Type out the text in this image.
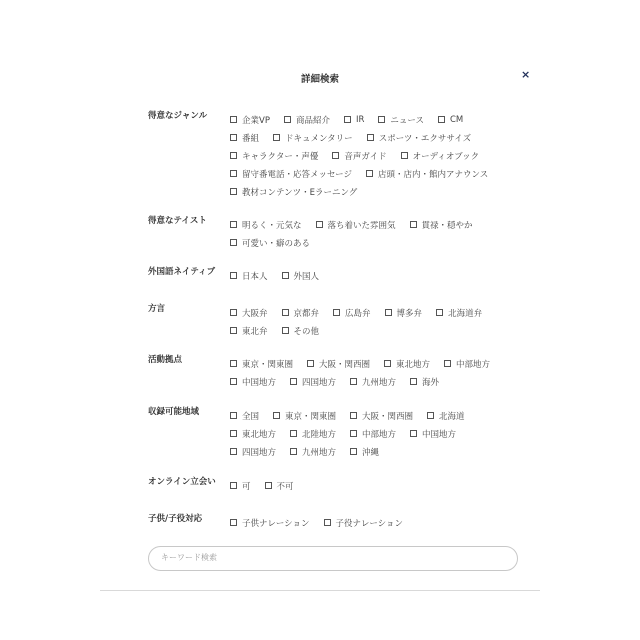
詳細検索	×
得意なジャンル	企業VP	商品紹介	IR	ニュース	CM
番組	ドキュメンタリー	スポーツ・エクササイズ
キャラクター・声優	音声ガイド	オーディオブック
留守番電話・応答メッセージ	店頭・店内・館内アナウンス
教材コンテンツ・Eラーニング
得意なテイスト	明るく・元気な	落ち着いた雰囲気	貫禄・穏やか
可愛い・癖のある
外国語ネイティブ	日本人	外国人
方言	大阪弁	京都弁	広島弁	博多弁	北海道弁
東北弁	その他
活動拠点	東京・関東圏	大阪・関西圏	東北地方	中部地方
中国地方	四国地方	九州地方	海外
収録可能地域	全国	東京・関東圏	大阪・関西圏	北海道
東北地方	北陸地方	中部地方	中国地方
四国地方	九州地方	沖縄
オンライン立会い	可	不可
子供/子役対応	子供ナレーション	子役ナレーション
キーワード検索
